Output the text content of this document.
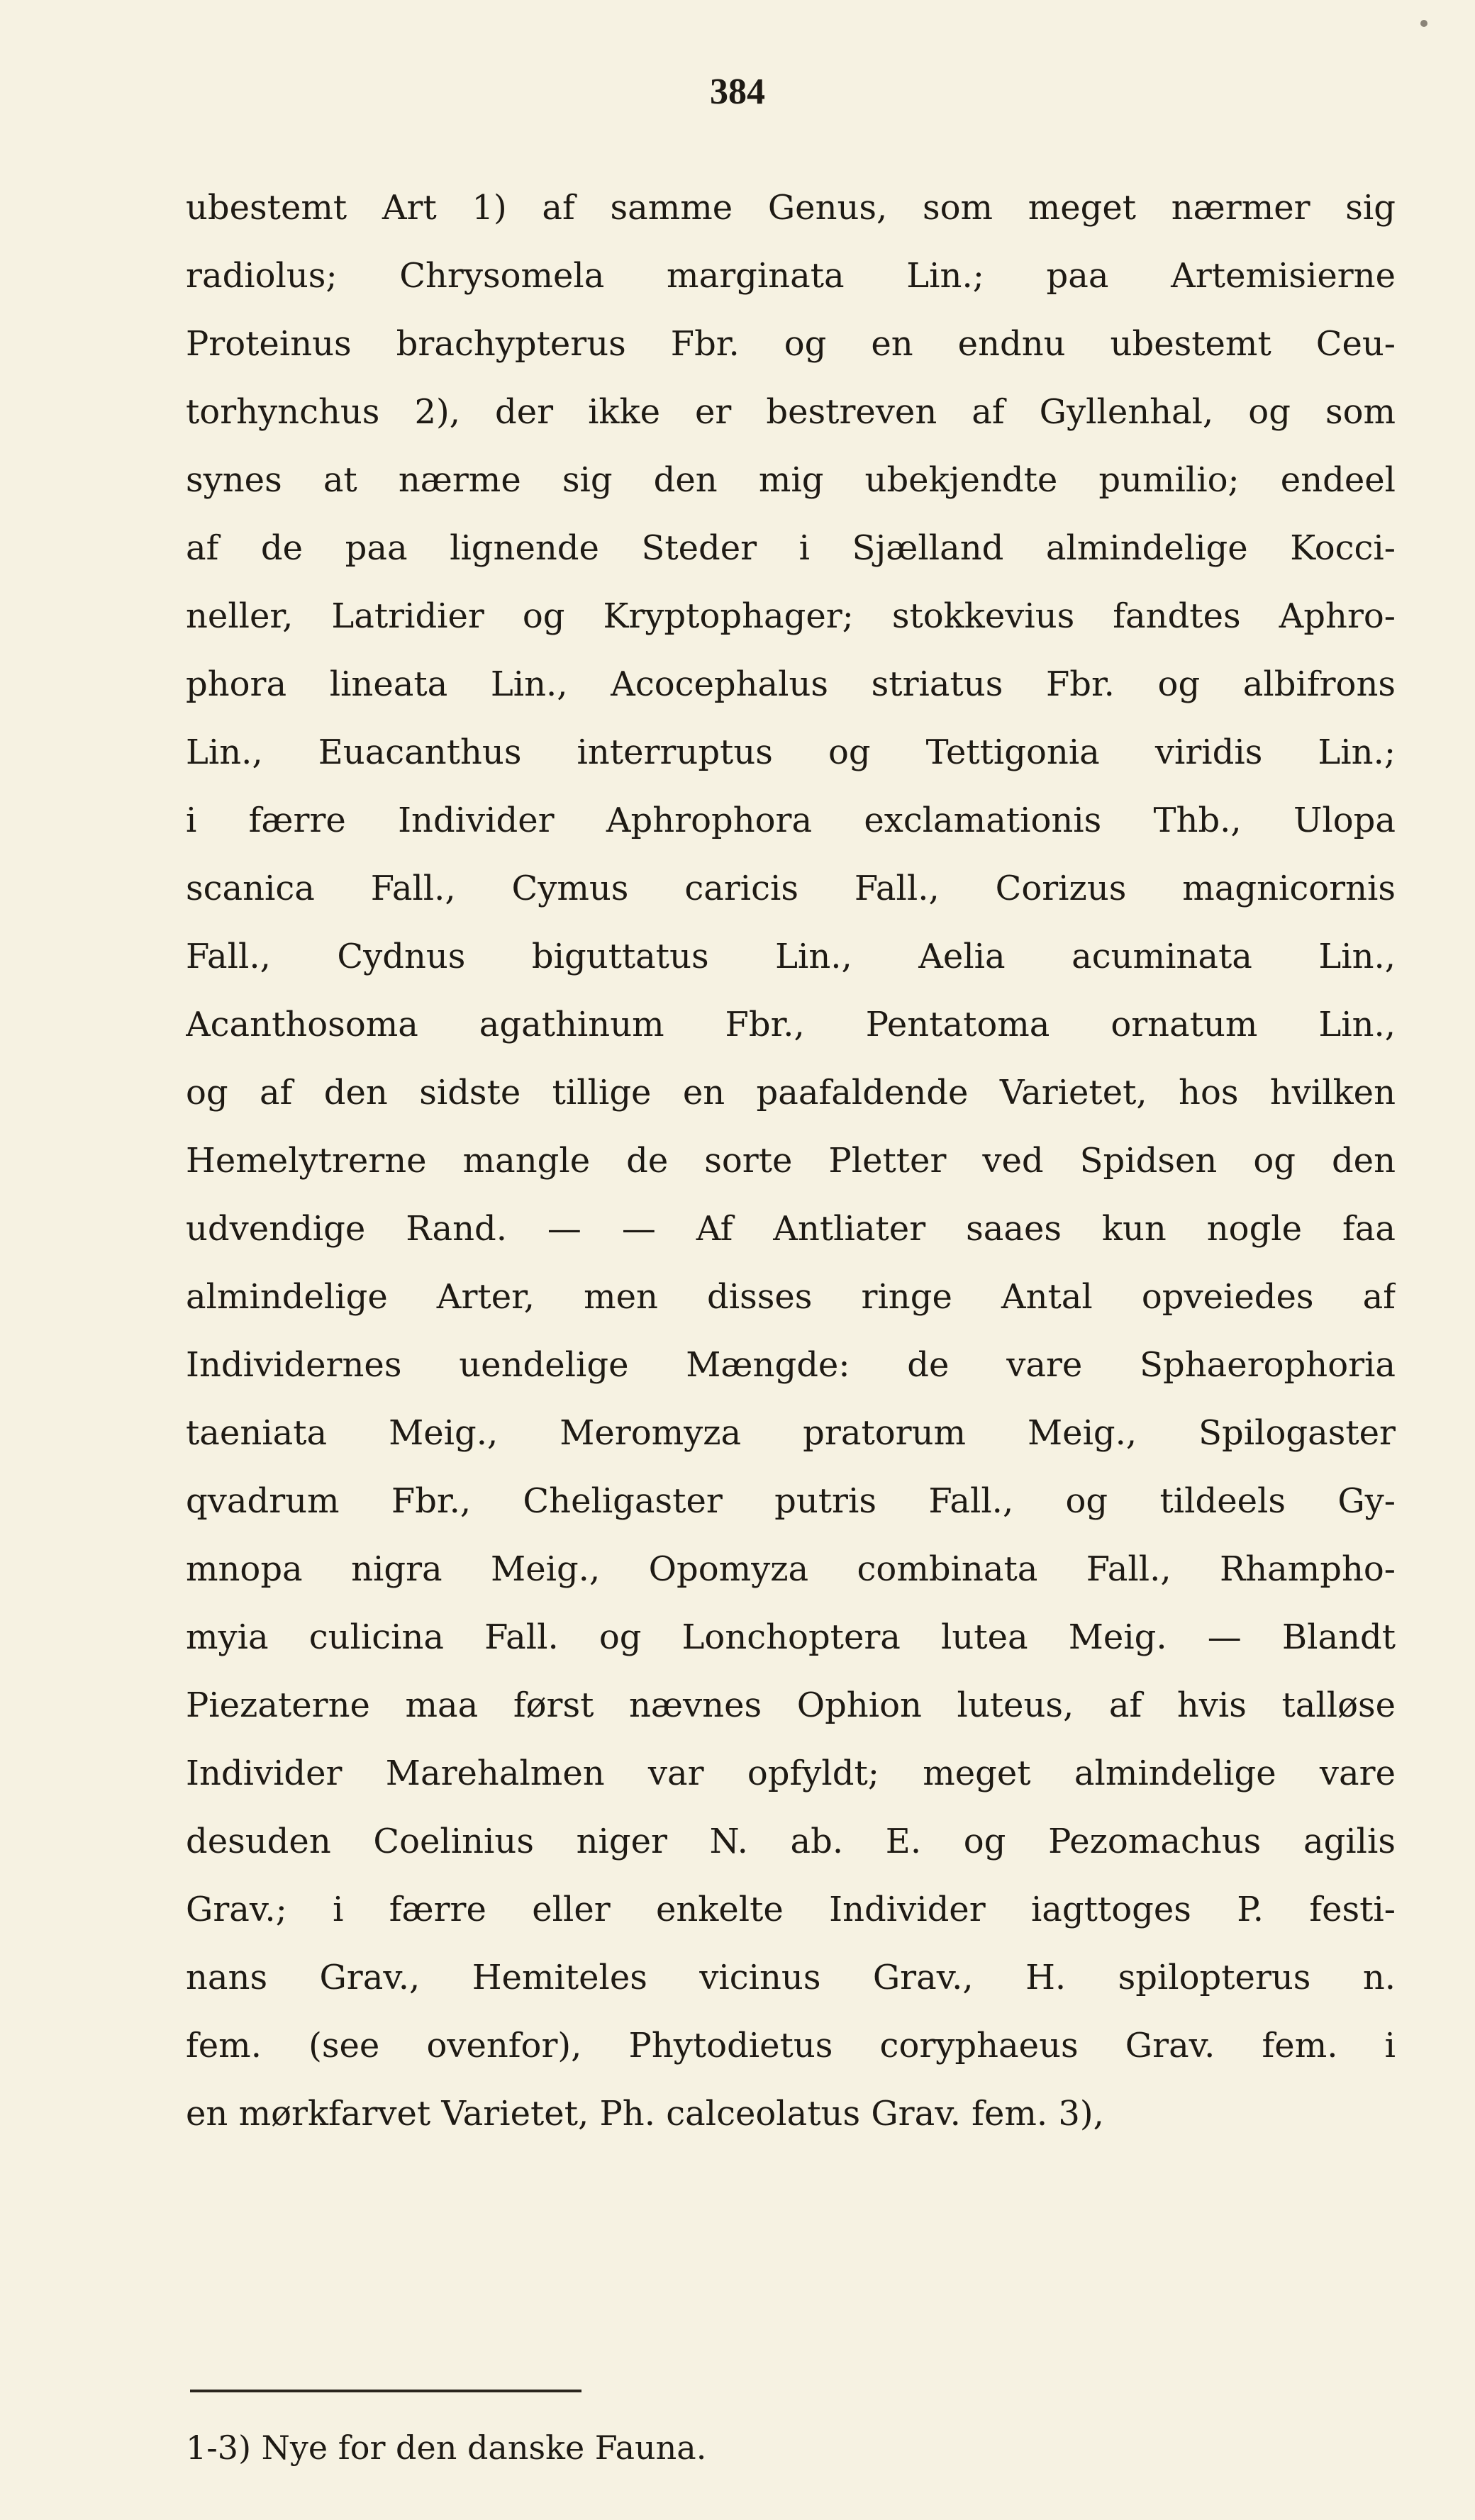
384
ubestemt Art 1) af samme Genus, som meget nærmer sig
radiolus; Chrysomela marginata Lin.; paa Artemisierne
Proteinus brachypterus Fbr. og en endnu ubestemt Ceu-
torhynchus 2), der ikke er bestreven af Gyllenhal, og som
synes at nærme sig den mig ubekjendte pumilio; endeel
af de paa lignende Steder i Sjælland almindelige Kocci-
neller, Latridier og Kryptophager; stokkevius fandtes Aphro-
phora lineata Lin., Acocephalus striatus Fbr. og albifrons
Lin., Euacanthus interruptus og Tettigonia viridis Lin.;
i færre Individer Aphrophora exclamationis Thb., Ulopa
scanica Fall., Cymus caricis Fall., Corizus magnicornis
Fall., Cydnus biguttatus Lin., Aelia acuminata Lin.,
Acanthosoma agathinum Fbr., Pentatoma ornatum Lin.,
og af den sidste tillige en paafaldende Varietet, hos hvilken
Hemelytrerne mangle de sorte Pletter ved Spidsen og den
udvendige Rand. — — Af Antliater saaes kun nogle faa
almindelige Arter, men disses ringe Antal opveiedes af
Individernes uendelige Mængde: de vare Sphaerophoria
taeniata Meig., Meromyza pratorum Meig., Spilogaster
qvadrum Fbr., Cheligaster putris Fall., og tildeels Gy-
mnopa nigra Meig., Opomyza combinata Fall., Rhampho-
myia culicina Fall. og Lonchoptera lutea Meig. — Blandt
Piezaterne maa først nævnes Ophion luteus, af hvis talløse
Individer Marehalmen var opfyldt; meget almindelige vare
desuden Coelinius niger N. ab. E. og Pezomachus agilis
Grav.; i færre eller enkelte Individer iagttoges P. festi-
nans Grav., Hemiteles vicinus Grav., H. spilopterus n.
fem. (see ovenfor), Phytodietus coryphaeus Grav. fem. i
en mørkfarvet Varietet, Ph. calceolatus Grav. fem. 3),
1-3) Nye for den danske Fauna.
